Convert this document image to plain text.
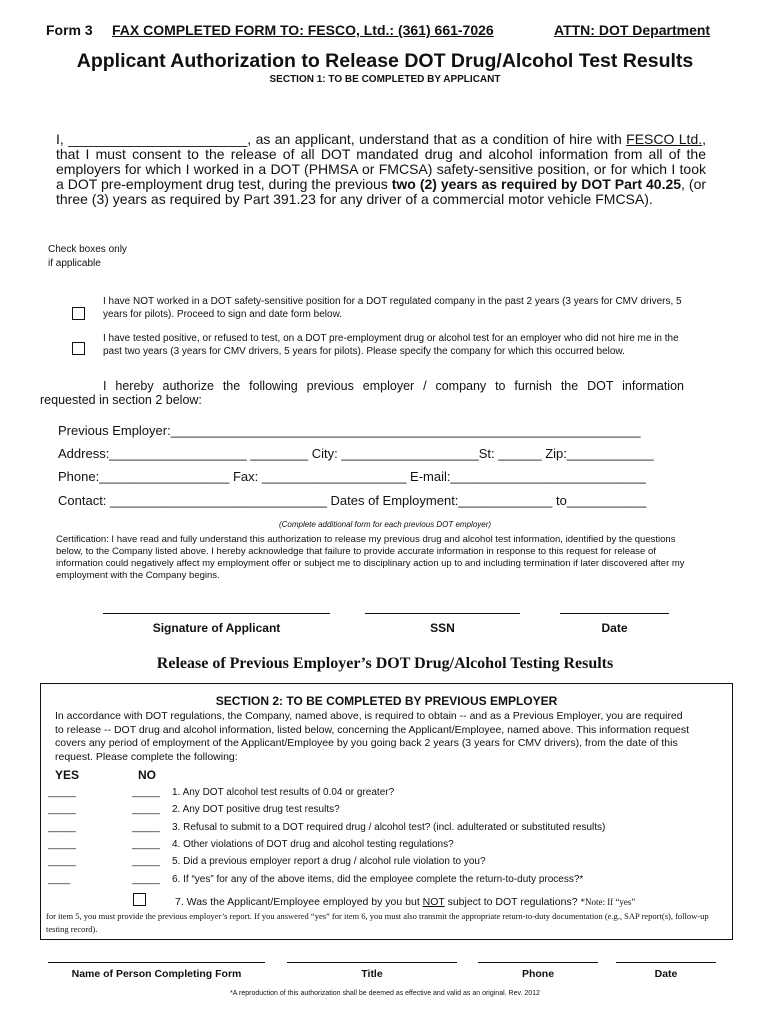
Form 3 FAX COMPLETED FORM TO: FESCO, Ltd.: (361) 661-7026	ATTN: DOT Department
Applicant Authorization to Release DOT Drug/Alcohol Test Results
SECTION 1: TO BE COMPLETED BY APPLICANT
I, _______________________, as an applicant, understand that as a condition of hire with FESCO Ltd., that I must consent to the release of all DOT mandated drug and alcohol information from all of the employers for which I worked in a DOT (PHMSA or FMCSA) safety-sensitive position, or for which I took a DOT pre-employment drug test, during the previous two (2) years as required by DOT Part 40.25, (or three (3) years as required by Part 391.23 for any driver of a commercial motor vehicle FMCSA).
Check boxes only
if applicable
I have NOT worked in a DOT safety-sensitive position for a DOT regulated company in the past 2 years (3 years for CMV drivers, 5 years for pilots). Proceed to sign and date form below.
I have tested positive, or refused to test, on a DOT pre-employment drug or alcohol test for an employer who did not hire me in the past two years (3 years for CMV drivers, 5 years for pilots). Please specify the company for which this occurred below.
I hereby authorize the following previous employer / company to furnish the DOT information
requested in section 2 below:
Previous Employer:_________________________________________________________________
Address:___________________ ________ City: ___________________St: ______ Zip:____________
Phone:__________________ Fax: ____________________ E-mail:___________________________
Contact: ______________________________ Dates of Employment:_____________ to___________
(Complete additional form for each previous DOT employer)
Certification: I have read and fully understand this authorization to release my previous drug and alcohol test information, identified by the questions below, to the Company listed above. I hereby acknowledge that failure to provide accurate information in response to this request for release of information could negatively affect my employment offer or subject me to disciplinary action up to and including termination if later discovered after my employment with the Company begins.
Signature of Applicant	SSN	Date
Release of Previous Employer’s DOT Drug/Alcohol Testing Results
SECTION 2: TO BE COMPLETED BY PREVIOUS EMPLOYER
In accordance with DOT regulations, the Company, named above, is required to obtain -- and as a Previous Employer, you are required to release -- DOT drug and alcohol information, listed below, concerning the Applicant/Employee, named above. This information request covers any period of employment of the Applicant/Employee by you going back 2 years (3 years for CMV drivers), from the date of this request. Please complete the following:
YES	NO
_____	_____ 1. Any DOT alcohol test results of 0.04 or greater?
_____	_____ 2. Any DOT positive drug test results?
_____	_____ 3. Refusal to submit to a DOT required drug / alcohol test? (incl. adulterated or substituted results)
_____	_____ 4. Other violations of DOT drug and alcohol testing regulations?
_____	_____ 5. Did a previous employer report a drug / alcohol rule violation to you?
____	_____ 6. If “yes” for any of the above items, did the employee complete the return-to-duty process?*
7. Was the Applicant/Employee employed by you but NOT subject to DOT regulations? *Note: If “yes”
for item 5, you must provide the previous employer’s report. If you answered “yes” for item 6, you must also transmit the appropriate return-to-duty documentation (e.g., SAP report(s), follow-up testing record).
Name of Person Completing Form	Title	Phone	Date
*A reproduction of this authorization shall be deemed as effective and valid as an original. Rev. 2012
